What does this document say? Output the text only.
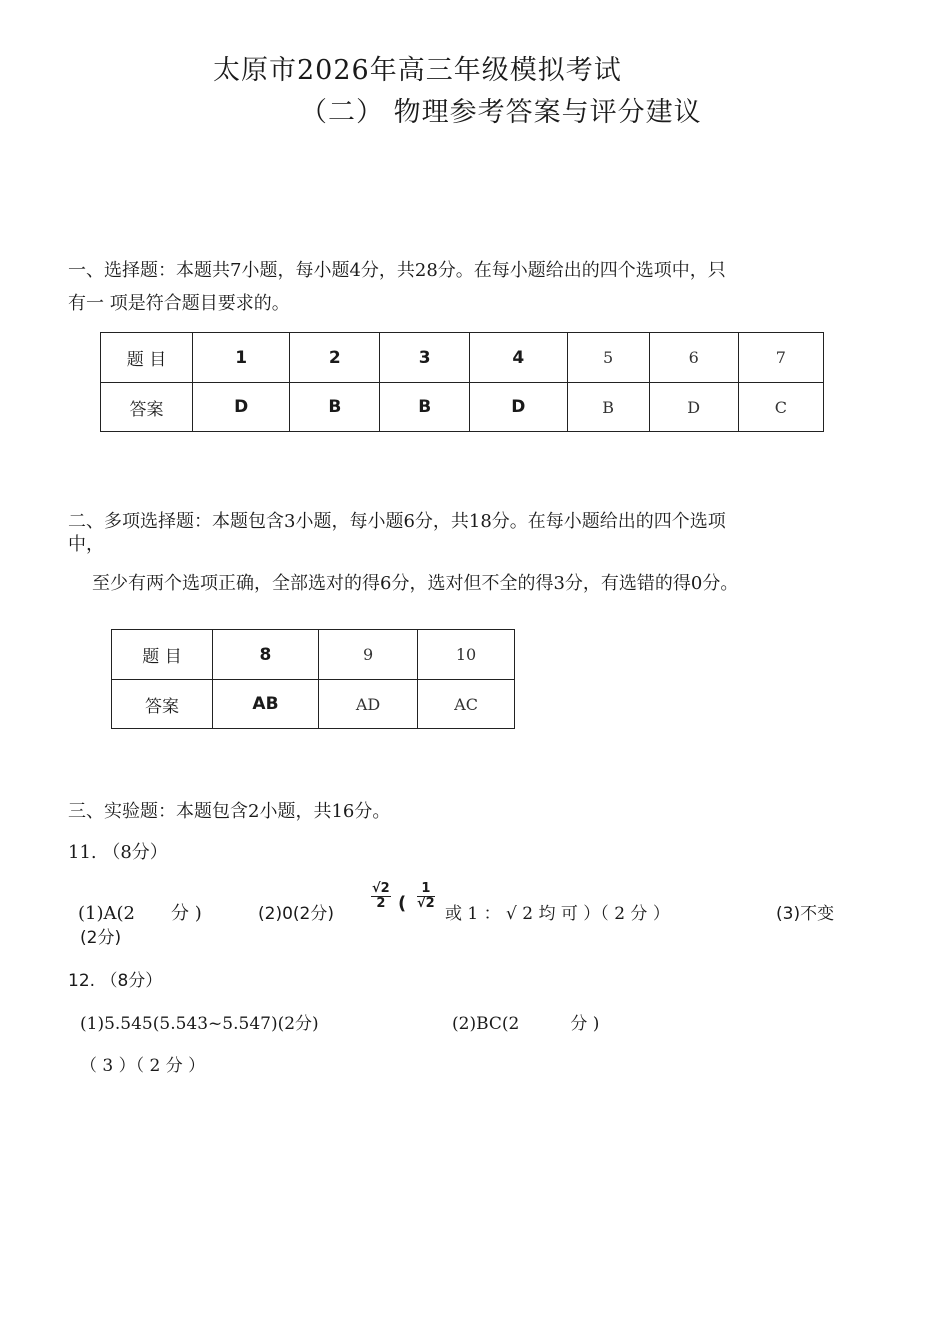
太原市2026年高三年级模拟考试
（二） 物理参考答案与评分建议
一、选择题：本题共7小题，每小题4分，共28分。在每小题给出的四个选项中，只
有一 项是符合题目要求的。
题 目	1	2	3	4	5	6	7
答案	D	B	B	D	B	D	C
二、多项选择题：本题包含3小题，每小题6分，共18分。在每小题给出的四个选项
中，
至少有两个选项正确，全部选对的得6分，选对但不全的得3分，有选错的得0分。
题 目	8	9	10
答案	AB	AD	AC
三、实验题：本题包含2小题，共16分。
11. （8分）
(1)A(2　　分 )	(2)0(2分)
$\frac{√2}{2}$ ( $\frac{1}{√2}$
或 1 ： √ 2 均 可 ）（ 2 分 ）	(3)不变
(2分)
12. （8分）
(1)5.545(5.543~5.547)(2分)	(2)BC(2　　　分 )
（ 3 ）（ 2 分 ）
